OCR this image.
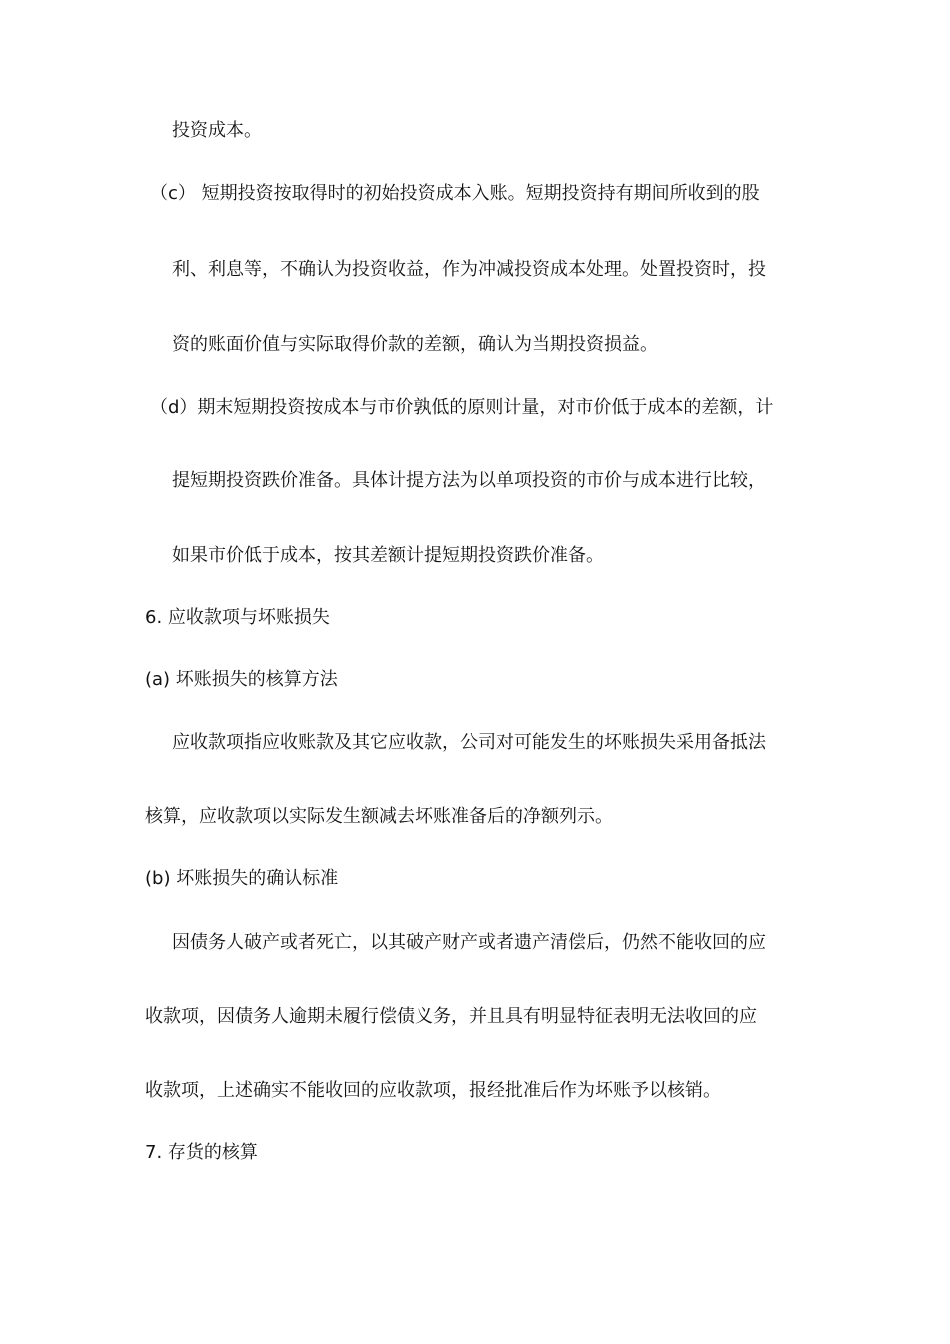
投资成本。
（c） 短期投资按取得时的初始投资成本入账。短期投资持有期间所收到的股
利、利息等，不确认为投资收益，作为冲减投资成本处理。处置投资时，投
资的账面价值与实际取得价款的差额，确认为当期投资损益。
（d）期末短期投资按成本与市价孰低的原则计量，对市价低于成本的差额，计
提短期投资跌价准备。具体计提方法为以单项投资的市价与成本进行比较，
如果市价低于成本，按其差额计提短期投资跌价准备。
6. 应收款项与坏账损失
(a) 坏账损失的核算方法
应收款项指应收账款及其它应收款，公司对可能发生的坏账损失采用备抵法
核算，应收款项以实际发生额减去坏账准备后的净额列示。
(b) 坏账损失的确认标准
因债务人破产或者死亡，以其破产财产或者遗产清偿后，仍然不能收回的应
收款项，因债务人逾期未履行偿债义务，并且具有明显特征表明无法收回的应
收款项，上述确实不能收回的应收款项，报经批准后作为坏账予以核销。
7. 存货的核算
